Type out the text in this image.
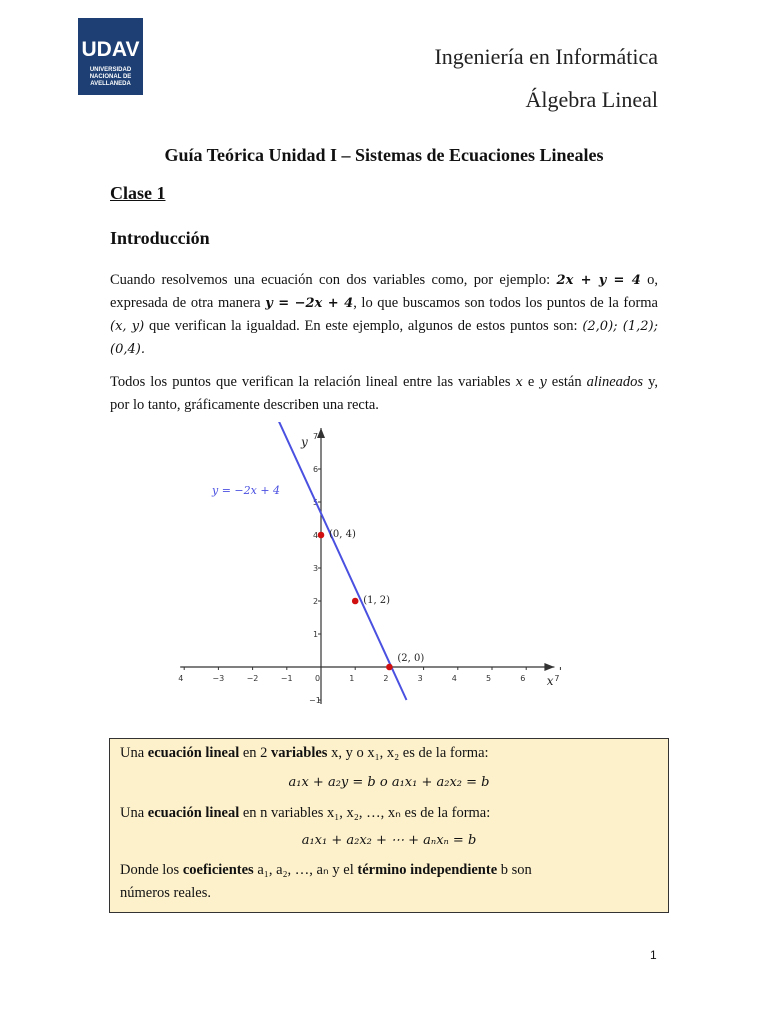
UDAV
UNIVERSIDAD
NACIONAL DE
AVELLANEDA
Ingeniería en Informática
Álgebra Lineal
Guía Teórica Unidad I – Sistemas de Ecuaciones Lineales
Clase 1
Introducción
Cuando resolvemos una ecuación con dos variables como, por ejemplo: 2x + y = 4 o, expresada de otra manera y = −2x + 4, lo que buscamos son todos los puntos de la forma (x, y) que verifican la igualdad. En este ejemplo, algunos de estos puntos son: (2,0); (1,2); (0,4).
Todos los puntos que verifican la relación lineal entre las variables x e y están alineados y, por lo tanto, gráficamente describen una recta.
4	−3	−2	−1	0	1	2	3	4	5	6	7
−1
1
2
3
4
5
6
7
x
y
y = −2x + 4
(0, 4)
(1, 2)
(2, 0)
Una ecuación lineal en 2 variables x, y o x₁, x₂ es de la forma:
a₁x + a₂y = b o a₁x₁ + a₂x₂ = b
Una ecuación lineal en n variables x₁, x₂, …, xₙ es de la forma:
a₁x₁ + a₂x₂ + ⋯ + aₙxₙ = b
Donde los coeficientes a₁, a₂, …, aₙ y el término independiente b son
números reales.
1
